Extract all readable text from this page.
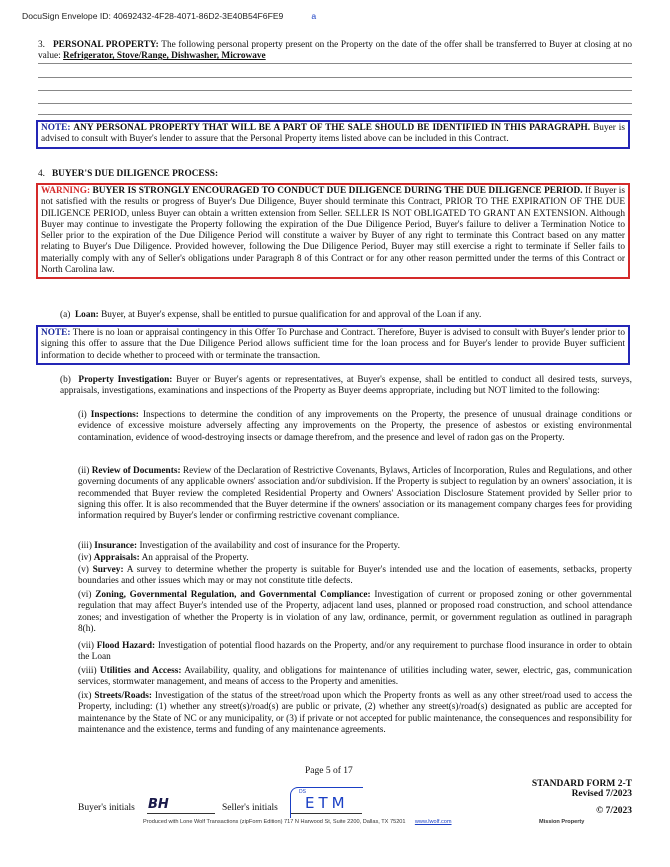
DocuSign Envelope ID: 40692432-4F28-4071-86D2-3E40B54F6FE9	a
3. PERSONAL PROPERTY: The following personal property present on the Property on the date of the offer shall be transferred to Buyer at closing at no value: Refrigerator, Stove/Range, Dishwasher, Microwave
NOTE: ANY PERSONAL PROPERTY THAT WILL BE A PART OF THE SALE SHOULD BE IDENTIFIED IN THIS PARAGRAPH. Buyer is advised to consult with Buyer's lender to assure that the Personal Property items listed above can be included in this Contract.
4. BUYER'S DUE DILIGENCE PROCESS:
WARNING: BUYER IS STRONGLY ENCOURAGED TO CONDUCT DUE DILIGENCE DURING THE DUE DILIGENCE PERIOD. If Buyer is not satisfied with the results or progress of Buyer's Due Diligence, Buyer should terminate this Contract, PRIOR TO THE EXPIRATION OF THE DUE DILIGENCE PERIOD, unless Buyer can obtain a written extension from Seller. SELLER IS NOT OBLIGATED TO GRANT AN EXTENSION. Although Buyer may continue to investigate the Property following the expiration of the Due Diligence Period, Buyer's failure to deliver a Termination Notice to Seller prior to the expiration of the Due Diligence Period will constitute a waiver by Buyer of any right to terminate this Contract based on any matter relating to Buyer's Due Diligence. Provided however, following the Due Diligence Period, Buyer may still exercise a right to terminate if Seller fails to materially comply with any of Seller's obligations under Paragraph 8 of this Contract or for any other reason permitted under the terms of this Contract or North Carolina law.
(a) Loan: Buyer, at Buyer's expense, shall be entitled to pursue qualification for and approval of the Loan if any.
NOTE: There is no loan or appraisal contingency in this Offer To Purchase and Contract. Therefore, Buyer is advised to consult with Buyer's lender prior to signing this offer to assure that the Due Diligence Period allows sufficient time for the loan process and for Buyer's lender to provide Buyer sufficient information to decide whether to proceed with or terminate the transaction.
(b) Property Investigation: Buyer or Buyer's agents or representatives, at Buyer's expense, shall be entitled to conduct all desired tests, surveys, appraisals, investigations, examinations and inspections of the Property as Buyer deems appropriate, including but NOT limited to the following:
(i) Inspections: Inspections to determine the condition of any improvements on the Property, the presence of unusual drainage conditions or evidence of excessive moisture adversely affecting any improvements on the Property, the presence of asbestos or existing environmental contamination, evidence of wood-destroying insects or damage therefrom, and the presence and level of radon gas on the Property.
(ii) Review of Documents: Review of the Declaration of Restrictive Covenants, Bylaws, Articles of Incorporation, Rules and Regulations, and other governing documents of any applicable owners' association and/or subdivision. If the Property is subject to regulation by an owners' association, it is recommended that Buyer review the completed Residential Property and Owners' Association Disclosure Statement provided by Seller prior to signing this offer. It is also recommended that the Buyer determine if the owners' association or its management company charges fees for providing information required by Buyer's lender or confirming restrictive covenant compliance.
(iii) Insurance: Investigation of the availability and cost of insurance for the Property.
(iv) Appraisals: An appraisal of the Property.
(v) Survey: A survey to determine whether the property is suitable for Buyer's intended use and the location of easements, setbacks, property boundaries and other issues which may or may not constitute title defects.
(vi) Zoning, Governmental Regulation, and Governmental Compliance: Investigation of current or proposed zoning or other governmental regulation that may affect Buyer's intended use of the Property, adjacent land uses, planned or proposed road construction, and school attendance zones; and investigation of whether the Property is in violation of any law, ordinance, permit, or government regulation as outlined in paragraph 8(h).
(vii) Flood Hazard: Investigation of potential flood hazards on the Property, and/or any requirement to purchase flood insurance in order to obtain the Loan
(viii) Utilities and Access: Availability, quality, and obligations for maintenance of utilities including water, sewer, electric, gas, communication services, stormwater management, and means of access to the Property and amenities.
(ix) Streets/Roads: Investigation of the status of the street/road upon which the Property fronts as well as any other street/road used to access the Property, including: (1) whether any street(s)/road(s) are public or private, (2) whether any street(s)/road(s) designated as public are accepted for maintenance by the State of NC or any municipality, or (3) if private or not accepted for public maintenance, the consequences and responsibility for maintenance and the existence, terms and funding of any maintenance agreements.
Page 5 of 17
STANDARD FORM 2-T
Revised 7/2023
© 7/2023
Buyer's initials BH	Seller's initials
DS
ETM
Produced with Lone Wolf Transactions (zipForm Edition) 717 N Harwood St, Suite 2200, Dallas, TX 75201 www.lwolf.com	Mission Property
